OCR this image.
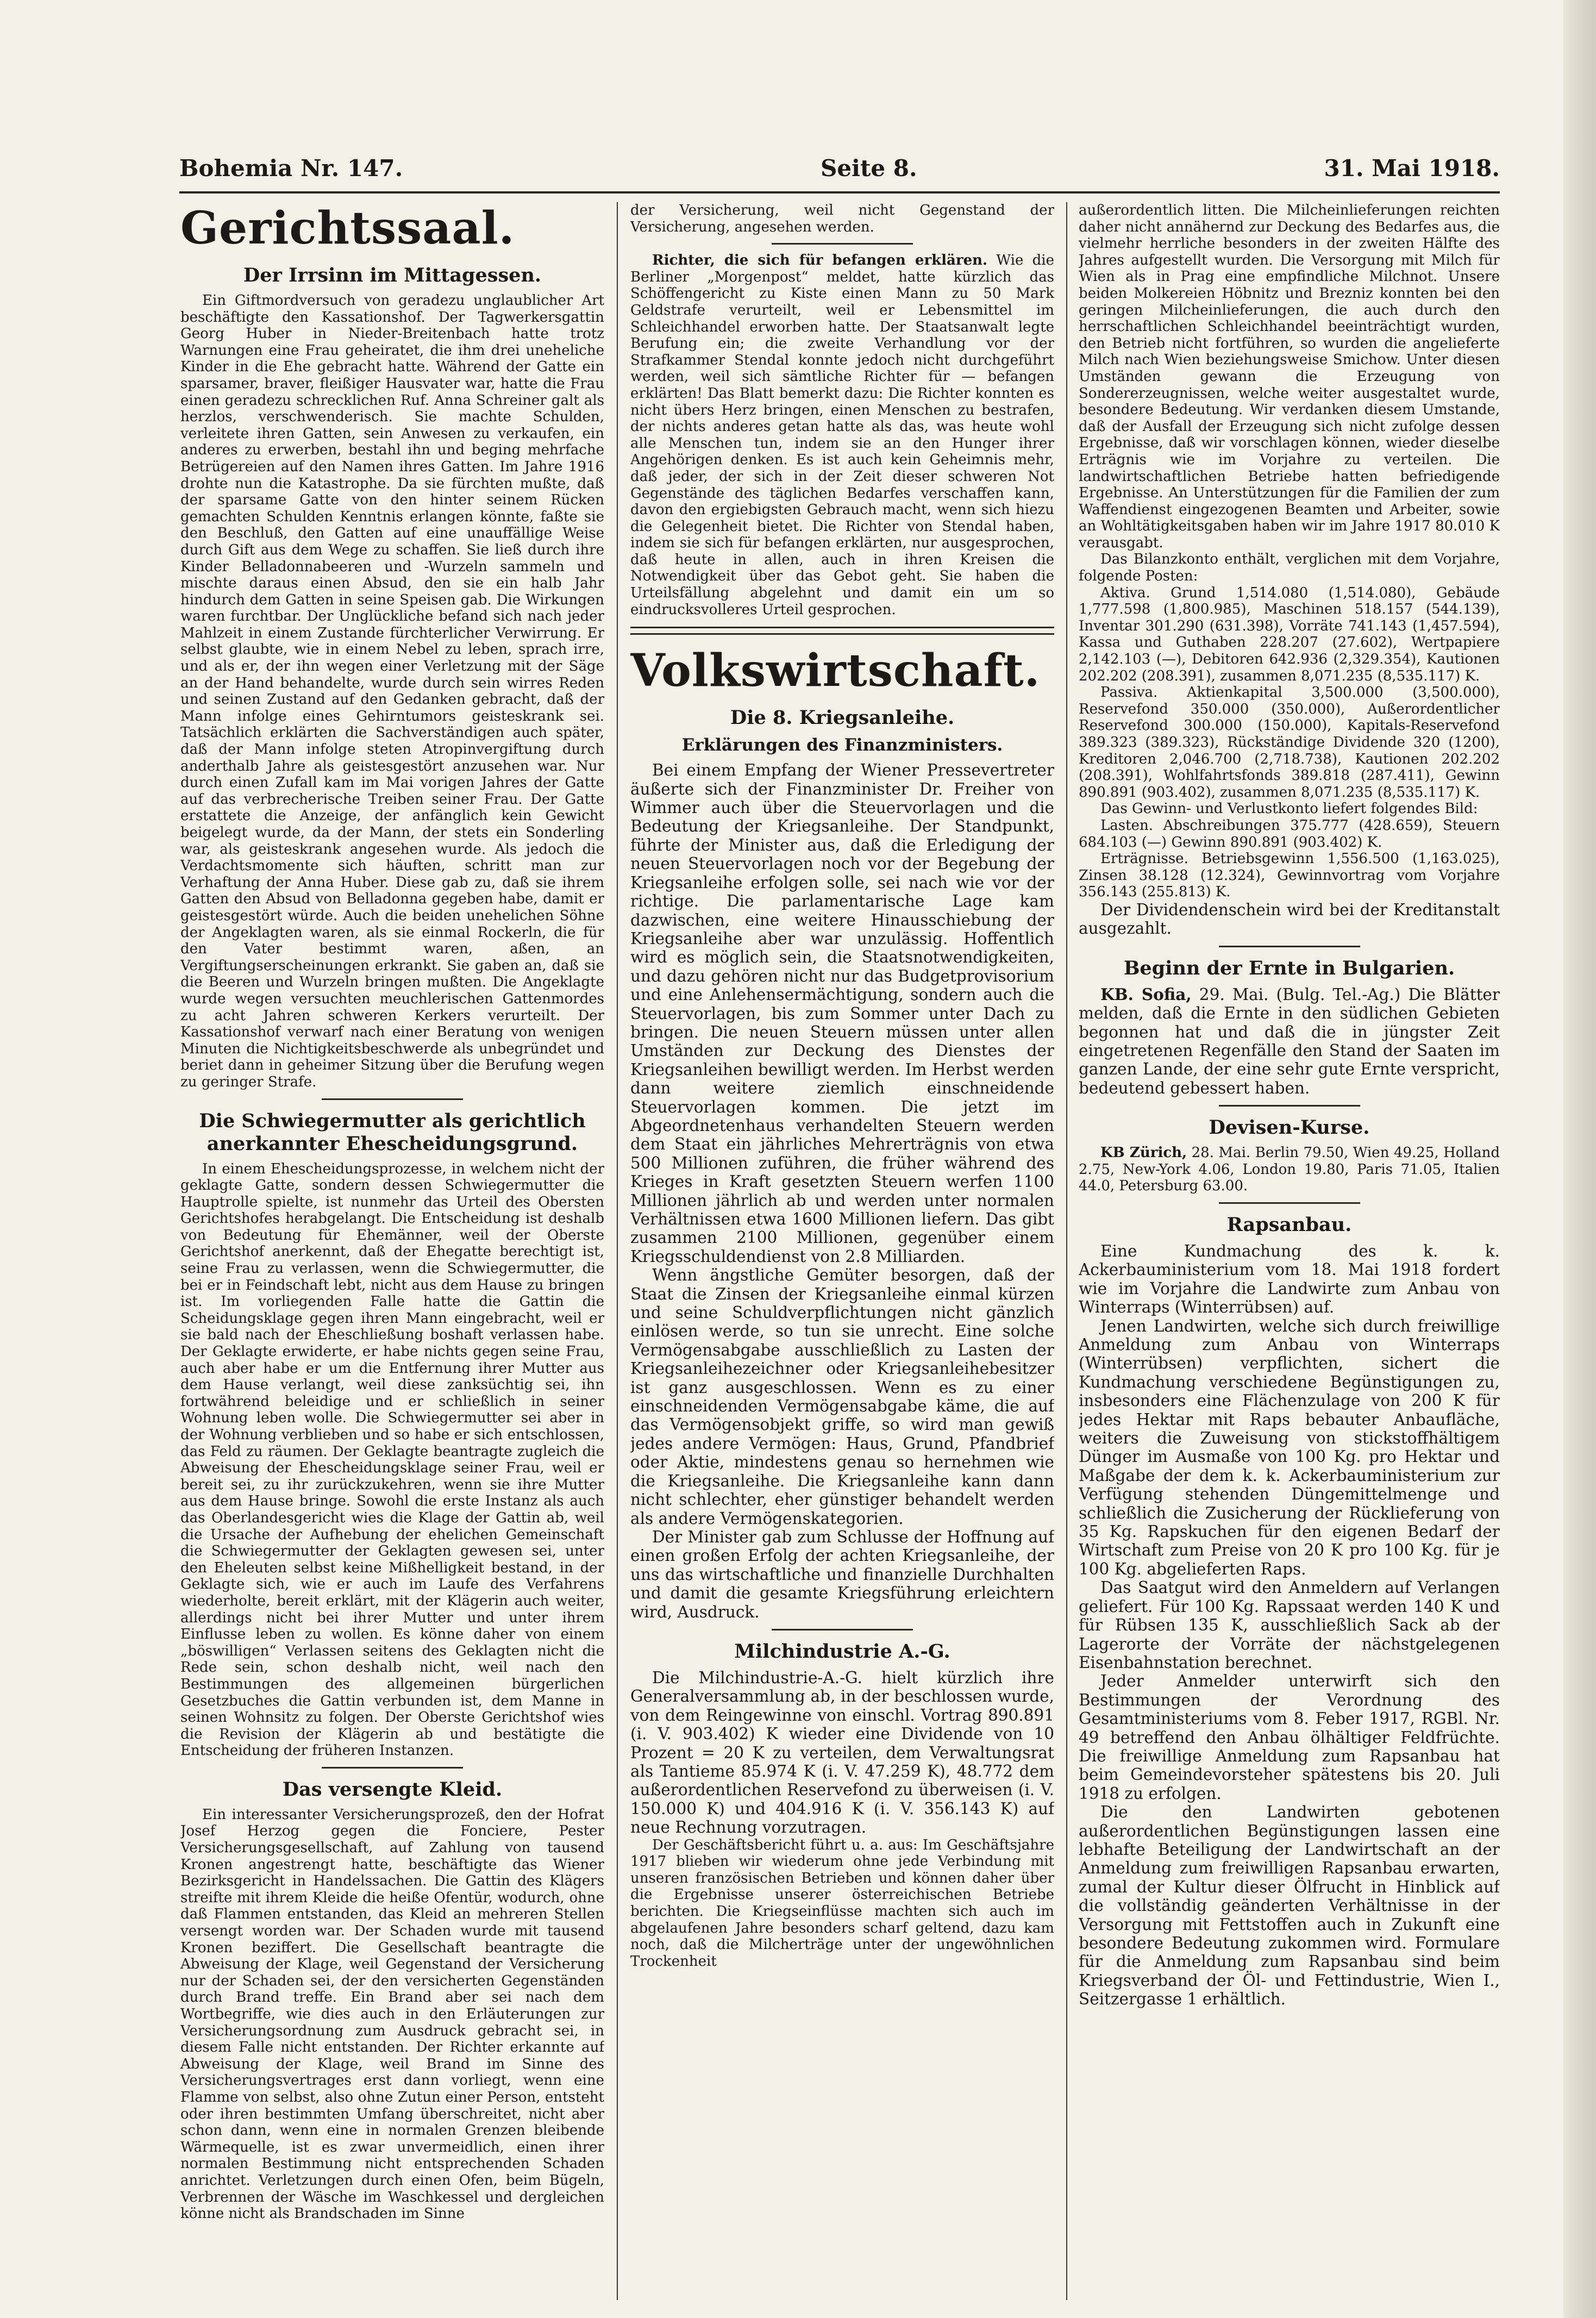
Bohemia Nr. 147.	Seite 8.	31. Mai 1918.
Gerichtssaal.
Der Irrsinn im Mittagessen.

Ein Giftmordversuch von geradezu unglaublicher Art beschäftigte den Kassationshof. Der Tagwerkersgattin Georg Huber in Nieder-Breitenbach hatte trotz Warnungen eine Frau geheiratet, die ihm drei uneheliche Kinder in die Ehe gebracht hatte. Während der Gatte ein sparsamer, braver, fleißiger Hausvater war, hatte die Frau einen geradezu schrecklichen Ruf. Anna Schreiner galt als herzlos, verschwenderisch. Sie machte Schulden, verleitete ihren Gatten, sein Anwesen zu verkaufen, ein anderes zu erwerben, bestahl ihn und beging mehrfache Betrügereien auf den Namen ihres Gatten. Im Jahre 1916 drohte nun die Katastrophe. Da sie fürchten mußte, daß der sparsame Gatte von den hinter seinem Rücken gemachten Schulden Kenntnis erlangen könnte, faßte sie den Beschluß, den Gatten auf eine unauffällige Weise durch Gift aus dem Wege zu schaffen. Sie ließ durch ihre Kinder Belladonnabeeren und -Wurzeln sammeln und mischte daraus einen Absud, den sie ein halb Jahr hindurch dem Gatten in seine Speisen gab. Die Wirkungen waren furchtbar. Der Unglückliche befand sich nach jeder Mahlzeit in einem Zustande fürchterlicher Verwirrung. Er selbst glaubte, wie in einem Nebel zu leben, sprach irre, und als er, der ihn wegen einer Verletzung mit der Säge an der Hand behandelte, wurde durch sein wirres Reden und seinen Zustand auf den Gedanken gebracht, daß der Mann infolge eines Gehirntumors geisteskrank sei. Tatsächlich erklärten die Sachverständigen auch später, daß der Mann infolge steten Atropinvergiftung durch anderthalb Jahre als geistesgestört anzusehen war. Nur durch einen Zufall kam im Mai vorigen Jahres der Gatte auf das verbrecherische Treiben seiner Frau. Der Gatte erstattete die Anzeige, der anfänglich kein Gewicht beigelegt wurde, da der Mann, der stets ein Sonderling war, als geisteskrank angesehen wurde. Als jedoch die Verdachtsmomente sich häuften, schritt man zur Verhaftung der Anna Huber. Diese gab zu, daß sie ihrem Gatten den Absud von Belladonna gegeben habe, damit er geistesgestört würde. Auch die beiden unehelichen Söhne der Angeklagten waren, als sie einmal Rockerln, die für den Vater bestimmt waren, aßen, an Vergiftungserscheinungen erkrankt. Sie gaben an, daß sie die Beeren und Wurzeln bringen mußten. Die Angeklagte wurde wegen versuchten meuchlerischen Gattenmordes zu acht Jahren schweren Kerkers verurteilt. Der Kassationshof verwarf nach einer Beratung von wenigen Minuten die Nichtigkeitsbeschwerde als unbegründet und beriet dann in geheimer Sitzung über die Berufung wegen zu geringer Strafe.

Die Schwiegermutter als gerichtlich anerkannter Ehescheidungsgrund.

In einem Ehescheidungsprozesse, in welchem nicht der geklagte Gatte, sondern dessen Schwiegermutter die Hauptrolle spielte, ist nunmehr das Urteil des Obersten Gerichtshofes herabgelangt. Die Entscheidung ist deshalb von Bedeutung für Ehemänner, weil der Oberste Gerichtshof anerkennt, daß der Ehegatte berechtigt ist, seine Frau zu verlassen, wenn die Schwiegermutter, die bei er in Feindschaft lebt, nicht aus dem Hause zu bringen ist. Im vorliegenden Falle hatte die Gattin die Scheidungsklage gegen ihren Mann eingebracht, weil er sie bald nach der Eheschließung boshaft verlassen habe. Der Geklagte erwiderte, er habe nichts gegen seine Frau, auch aber habe er um die Entfernung ihrer Mutter aus dem Hause verlangt, weil diese zanksüchtig sei, ihn fortwährend beleidige und er schließlich in seiner Wohnung leben wolle. Die Schwiegermutter sei aber in der Wohnung verblieben und so habe er sich entschlossen, das Feld zu räumen. Der Geklagte beantragte zugleich die Abweisung der Ehescheidungsklage seiner Frau, weil er bereit sei, zu ihr zurückzukehren, wenn sie ihre Mutter aus dem Hause bringe. Sowohl die erste Instanz als auch das Oberlandesgericht wies die Klage der Gattin ab, weil die Ursache der Aufhebung der ehelichen Gemeinschaft die Schwiegermutter der Geklagten gewesen sei, unter den Eheleuten selbst keine Mißhelligkeit bestand, in der Geklagte sich, wie er auch im Laufe des Verfahrens wiederholte, bereit erklärt, mit der Klägerin auch weiter, allerdings nicht bei ihrer Mutter und unter ihrem Einflusse leben zu wollen. Es könne daher von einem „böswilligen“ Verlassen seitens des Geklagten nicht die Rede sein, schon deshalb nicht, weil nach den Bestimmungen des allgemeinen bürgerlichen Gesetzbuches die Gattin verbunden ist, dem Manne in seinen Wohnsitz zu folgen. Der Oberste Gerichtshof wies die Revision der Klägerin ab und bestätigte die Entscheidung der früheren Instanzen.

Das versengte Kleid.

Ein interessanter Versicherungsprozeß, den der Hofrat Josef Herzog gegen die Fonciere, Pester Versicherungsgesellschaft, auf Zahlung von tausend Kronen angestrengt hatte, beschäftigte das Wiener Bezirksgericht in Handelssachen. Die Gattin des Klägers streifte mit ihrem Kleide die heiße Ofentür, wodurch, ohne daß Flammen entstanden, das Kleid an mehreren Stellen versengt worden war. Der Schaden wurde mit tausend Kronen beziffert. Die Gesellschaft beantragte die Abweisung der Klage, weil Gegenstand der Versicherung nur der Schaden sei, der den versicherten Gegenständen durch Brand treffe. Ein Brand aber sei nach dem Wortbegriffe, wie dies auch in den Erläuterungen zur Versicherungsordnung zum Ausdruck gebracht sei, in diesem Falle nicht entstanden. Der Richter erkannte auf Abweisung der Klage, weil Brand im Sinne des Versicherungsvertrages erst dann vorliegt, wenn eine Flamme von selbst, also ohne Zutun einer Person, entsteht oder ihren bestimmten Umfang überschreitet, nicht aber schon dann, wenn eine in normalen Grenzen bleibende Wärmequelle, ist es zwar unvermeidlich, einen ihrer normalen Bestimmung nicht entsprechenden Schaden anrichtet. Verletzungen durch einen Ofen, beim Bügeln, Verbrennen der Wäsche im Waschkessel und dergleichen könne nicht als Brandschaden im Sinne

der Versicherung, weil nicht Gegenstand der Versicherung, angesehen werden.

Richter, die sich für befangen erklären. Wie die Berliner „Morgenpost“ meldet, hatte kürzlich das Schöffengericht zu Kiste einen Mann zu 50 Mark Geldstrafe verurteilt, weil er Lebensmittel im Schleichhandel erworben hatte. Der Staatsanwalt legte Berufung ein; die zweite Verhandlung vor der Strafkammer Stendal konnte jedoch nicht durchgeführt werden, weil sich sämtliche Richter für — befangen erklärten! Das Blatt bemerkt dazu: Die Richter konnten es nicht übers Herz bringen, einen Menschen zu bestrafen, der nichts anderes getan hatte als das, was heute wohl alle Menschen tun, indem sie an den Hunger ihrer Angehörigen denken. Es ist auch kein Geheimnis mehr, daß jeder, der sich in der Zeit dieser schweren Not Gegenstände des täglichen Bedarfes verschaffen kann, davon den ergiebigsten Gebrauch macht, wenn sich hiezu die Gelegenheit bietet. Die Richter von Stendal haben, indem sie sich für befangen erklärten, nur ausgesprochen, daß heute in allen, auch in ihren Kreisen die Notwendigkeit über das Gebot geht. Sie haben die Urteilsfällung abgelehnt und damit ein um so eindrucksvolleres Urteil gesprochen.

Volkswirtschaft.
Die 8. Kriegsanleihe.
Erklärungen des Finanzministers.

Bei einem Empfang der Wiener Pressevertreter äußerte sich der Finanzminister Dr. Freiher von Wimmer auch über die Steuervorlagen und die Bedeutung der Kriegsanleihe. Der Standpunkt, führte der Minister aus, daß die Erledigung der neuen Steuervorlagen noch vor der Begebung der Kriegsanleihe erfolgen solle, sei nach wie vor der richtige. Die parlamentarische Lage kam dazwischen, eine weitere Hinausschiebung der Kriegsanleihe aber war unzulässig. Hoffentlich wird es möglich sein, die Staatsnotwendigkeiten, und dazu gehören nicht nur das Budgetprovisorium und eine Anlehensermächtigung, sondern auch die Steuervorlagen, bis zum Sommer unter Dach zu bringen. Die neuen Steuern müssen unter allen Umständen zur Deckung des Dienstes der Kriegsanleihen bewilligt werden. Im Herbst werden dann weitere ziemlich einschneidende Steuervorlagen kommen. Die jetzt im Abgeordnetenhaus verhandelten Steuern werden dem Staat ein jährliches Mehrerträgnis von etwa 500 Millionen zuführen, die früher während des Krieges in Kraft gesetzten Steuern werfen 1100 Millionen jährlich ab und werden unter normalen Verhältnissen etwa 1600 Millionen liefern. Das gibt zusammen 2100 Millionen, gegenüber einem Kriegsschuldendienst von 2.8 Milliarden.

Wenn ängstliche Gemüter besorgen, daß der Staat die Zinsen der Kriegsanleihe einmal kürzen und seine Schuldverpflichtungen nicht gänzlich einlösen werde, so tun sie unrecht. Eine solche Vermögensabgabe ausschließlich zu Lasten der Kriegsanleihezeichner oder Kriegsanleihebesitzer ist ganz ausgeschlossen. Wenn es zu einer einschneidenden Vermögensabgabe käme, die auf das Vermögensobjekt griffe, so wird man gewiß jedes andere Vermögen: Haus, Grund, Pfandbrief oder Aktie, mindestens genau so hernehmen wie die Kriegsanleihe. Die Kriegsanleihe kann dann nicht schlechter, eher günstiger behandelt werden als andere Vermögenskategorien.

Der Minister gab zum Schlusse der Hoffnung auf einen großen Erfolg der achten Kriegsanleihe, der uns das wirtschaftliche und finanzielle Durchhalten und damit die gesamte Kriegsführung erleichtern wird, Ausdruck.

Milchindustrie A.-G.

Die Milchindustrie-A.-G. hielt kürzlich ihre Generalversammlung ab, in der beschlossen wurde, von dem Reingewinne von einschl. Vortrag 890.891 (i. V. 903.402) K wieder eine Dividende von 10 Prozent = 20 K zu verteilen, dem Verwaltungsrat als Tantieme 85.974 K (i. V. 47.259 K), 48.772 dem außerordentlichen Reservefond zu überweisen (i. V. 150.000 K) und 404.916 K (i. V. 356.143 K) auf neue Rechnung vorzutragen.

Der Geschäftsbericht führt u. a. aus: Im Geschäftsjahre 1917 blieben wir wiederum ohne jede Verbindung mit unseren französischen Betrieben und können daher über die Ergebnisse unserer österreichischen Betriebe berichten. Die Kriegseinflüsse machten sich auch im abgelaufenen Jahre besonders scharf geltend, dazu kam noch, daß die Milcherträge unter der ungewöhnlichen Trockenheit

außerordentlich litten. Die Milcheinlieferungen reichten daher nicht annähernd zur Deckung des Bedarfes aus, die vielmehr herrliche besonders in der zweiten Hälfte des Jahres aufgestellt wurden. Die Versorgung mit Milch für Wien als in Prag eine empfindliche Milchnot. Unsere beiden Molkereien Höbnitz und Brezniz konnten bei den geringen Milcheinlieferungen, die auch durch den herrschaftlichen Schleichhandel beeinträchtigt wurden, den Betrieb nicht fortführen, so wurden die angelieferte Milch nach Wien beziehungsweise Smichow. Unter diesen Umständen gewann die Erzeugung von Sondererzeugnissen, welche weiter ausgestaltet wurde, besondere Bedeutung. Wir verdanken diesem Umstande, daß der Ausfall der Erzeugung sich nicht zufolge dessen Ergebnisse, daß wir vorschlagen können, wieder dieselbe Erträgnis wie im Vorjahre zu verteilen. Die landwirtschaftlichen Betriebe hatten befriedigende Ergebnisse. An Unterstützungen für die Familien der zum Waffendienst eingezogenen Beamten und Arbeiter, sowie an Wohltätigkeitsgaben haben wir im Jahre 1917 80.010 K verausgabt.

Das Bilanzkonto enthält, verglichen mit dem Vorjahre, folgende Posten:

Aktiva. Grund 1,514.080 (1,514.080), Gebäude 1,777.598 (1,800.985), Maschinen 518.157 (544.139), Inventar 301.290 (631.398), Vorräte 741.143 (1,457.594), Kassa und Guthaben 228.207 (27.602), Wertpapiere 2,142.103 (—), Debitoren 642.936 (2,329.354), Kautionen 202.202 (208.391), zusammen 8,071.235 (8,535.117) K.

Passiva. Aktienkapital 3,500.000 (3,500.000), Reservefond 350.000 (350.000), Außerordentlicher Reservefond 300.000 (150.000), Kapitals-Reservefond 389.323 (389.323), Rückständige Dividende 320 (1200), Kreditoren 2,046.700 (2,718.738), Kautionen 202.202 (208.391), Wohlfahrtsfonds 389.818 (287.411), Gewinn 890.891 (903.402), zusammen 8,071.235 (8,535.117) K.

Das Gewinn- und Verlustkonto liefert folgendes Bild:

Lasten. Abschreibungen 375.777 (428.659), Steuern 684.103 (—) Gewinn 890.891 (903.402) K.

Erträgnisse. Betriebsgewinn 1,556.500 (1,163.025), Zinsen 38.128 (12.324), Gewinnvortrag vom Vorjahre 356.143 (255.813) K.

Der Dividendenschein wird bei der Kreditanstalt ausgezahlt.

Beginn der Ernte in Bulgarien.

KB. Sofia, 29. Mai. (Bulg. Tel.-Ag.) Die Blätter melden, daß die Ernte in den südlichen Gebieten begonnen hat und daß die in jüngster Zeit eingetretenen Regenfälle den Stand der Saaten im ganzen Lande, der eine sehr gute Ernte verspricht, bedeutend gebessert haben.

Devisen-Kurse.

KB Zürich, 28. Mai. Berlin 79.50, Wien 49.25, Holland 2.75, New-York 4.06, London 19.80, Paris 71.05, Italien 44.0, Petersburg 63.00.

Rapsanbau.

Eine Kundmachung des k. k. Ackerbauministerium vom 18. Mai 1918 fordert wie im Vorjahre die Landwirte zum Anbau von Winterraps (Winterrübsen) auf.

Jenen Landwirten, welche sich durch freiwillige Anmeldung zum Anbau von Winterraps (Winterrübsen) verpflichten, sichert die Kundmachung verschiedene Begünstigungen zu, insbesonders eine Flächenzulage von 200 K für jedes Hektar mit Raps bebauter Anbaufläche, weiters die Zuweisung von stickstoffhältigem Dünger im Ausmaße von 100 Kg. pro Hektar und Maßgabe der dem k. k. Ackerbauministerium zur Verfügung stehenden Düngemittelmenge und schließlich die Zusicherung der Rücklieferung von 35 Kg. Rapskuchen für den eigenen Bedarf der Wirtschaft zum Preise von 20 K pro 100 Kg. für je 100 Kg. abgelieferten Raps.

Das Saatgut wird den Anmeldern auf Verlangen geliefert. Für 100 Kg. Rapssaat werden 140 K und für Rübsen 135 K, ausschließlich Sack ab der Lagerorte der Vorräte der nächstgelegenen Eisenbahnstation berechnet.

Jeder Anmelder unterwirft sich den Bestimmungen der Verordnung des Gesamtministeriums vom 8. Feber 1917, RGBl. Nr. 49 betreffend den Anbau ölhältiger Feldfrüchte. Die freiwillige Anmeldung zum Rapsanbau hat beim Gemeindevorsteher spätestens bis 20. Juli 1918 zu erfolgen.

Die den Landwirten gebotenen außerordentlichen Begünstigungen lassen eine lebhafte Beteiligung der Landwirtschaft an der Anmeldung zum freiwilligen Rapsanbau erwarten, zumal der Kultur dieser Ölfrucht in Hinblick auf die vollständig geänderten Verhältnisse in der Versorgung mit Fettstoffen auch in Zukunft eine besondere Bedeutung zukommen wird. Formulare für die Anmeldung zum Rapsanbau sind beim Kriegsverband der Öl- und Fettindustrie, Wien I., Seitzergasse 1 erhältlich.
